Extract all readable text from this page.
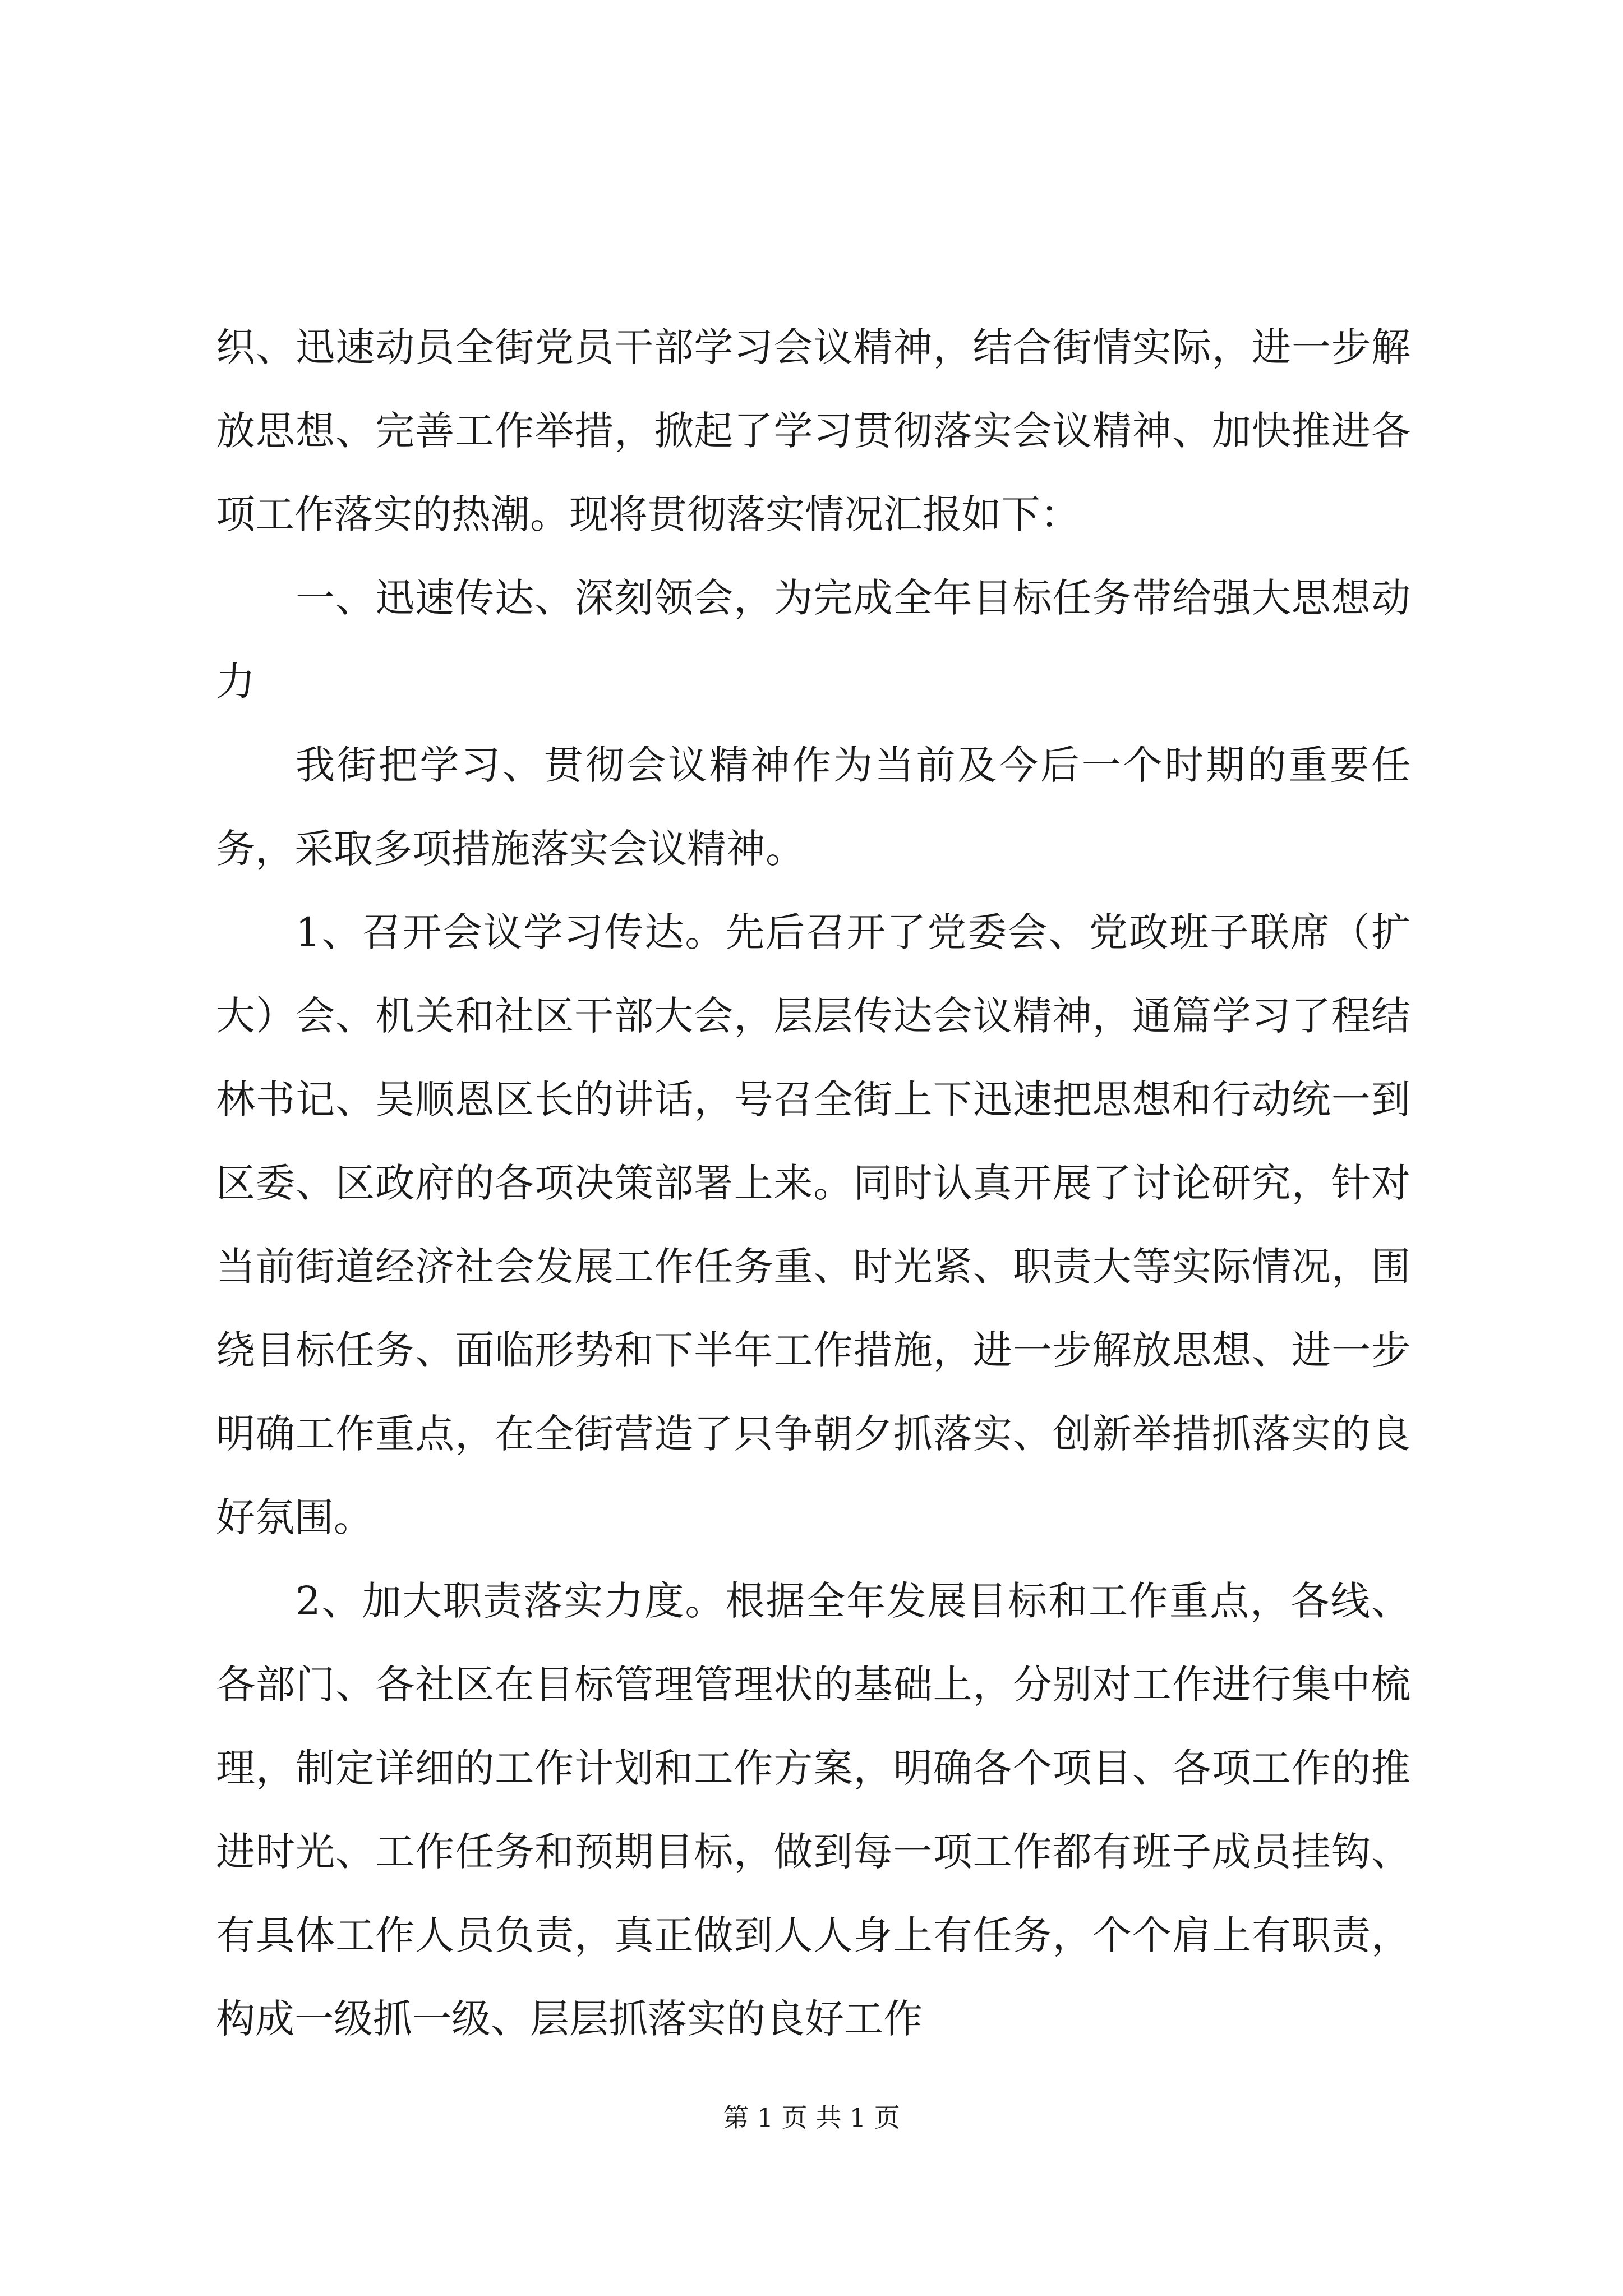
织、迅速动员全街党员干部学习会议精神，结合街情实际，进一步解放思想、完善工作举措，掀起了学习贯彻落实会议精神、加快推进各项工作落实的热潮。现将贯彻落实情况汇报如下：

一、迅速传达、深刻领会，为完成全年目标任务带给强大思想动力

我街把学习、贯彻会议精神作为当前及今后一个时期的重要任务，采取多项措施落实会议精神。

1、召开会议学习传达。先后召开了党委会、党政班子联席（扩大）会、机关和社区干部大会，层层传达会议精神，通篇学习了程结林书记、吴顺恩区长的讲话，号召全街上下迅速把思想和行动统一到区委、区政府的各项决策部署上来。同时认真开展了讨论研究，针对当前街道经济社会发展工作任务重、时光紧、职责大等实际情况，围绕目标任务、面临形势和下半年工作措施，进一步解放思想、进一步明确工作重点，在全街营造了只争朝夕抓落实、创新举措抓落实的良好氛围。

2、加大职责落实力度。根据全年发展目标和工作重点，各线、各部门、各社区在目标管理管理状的基础上，分别对工作进行集中梳理，制定详细的工作计划和工作方案，明确各个项目、各项工作的推进时光、工作任务和预期目标，做到每一项工作都有班子成员挂钩、有具体工作人员负责，真正做到人人身上有任务，个个肩上有职责，构成一级抓一级、层层抓落实的良好工作

第 1 页 共 1 页
